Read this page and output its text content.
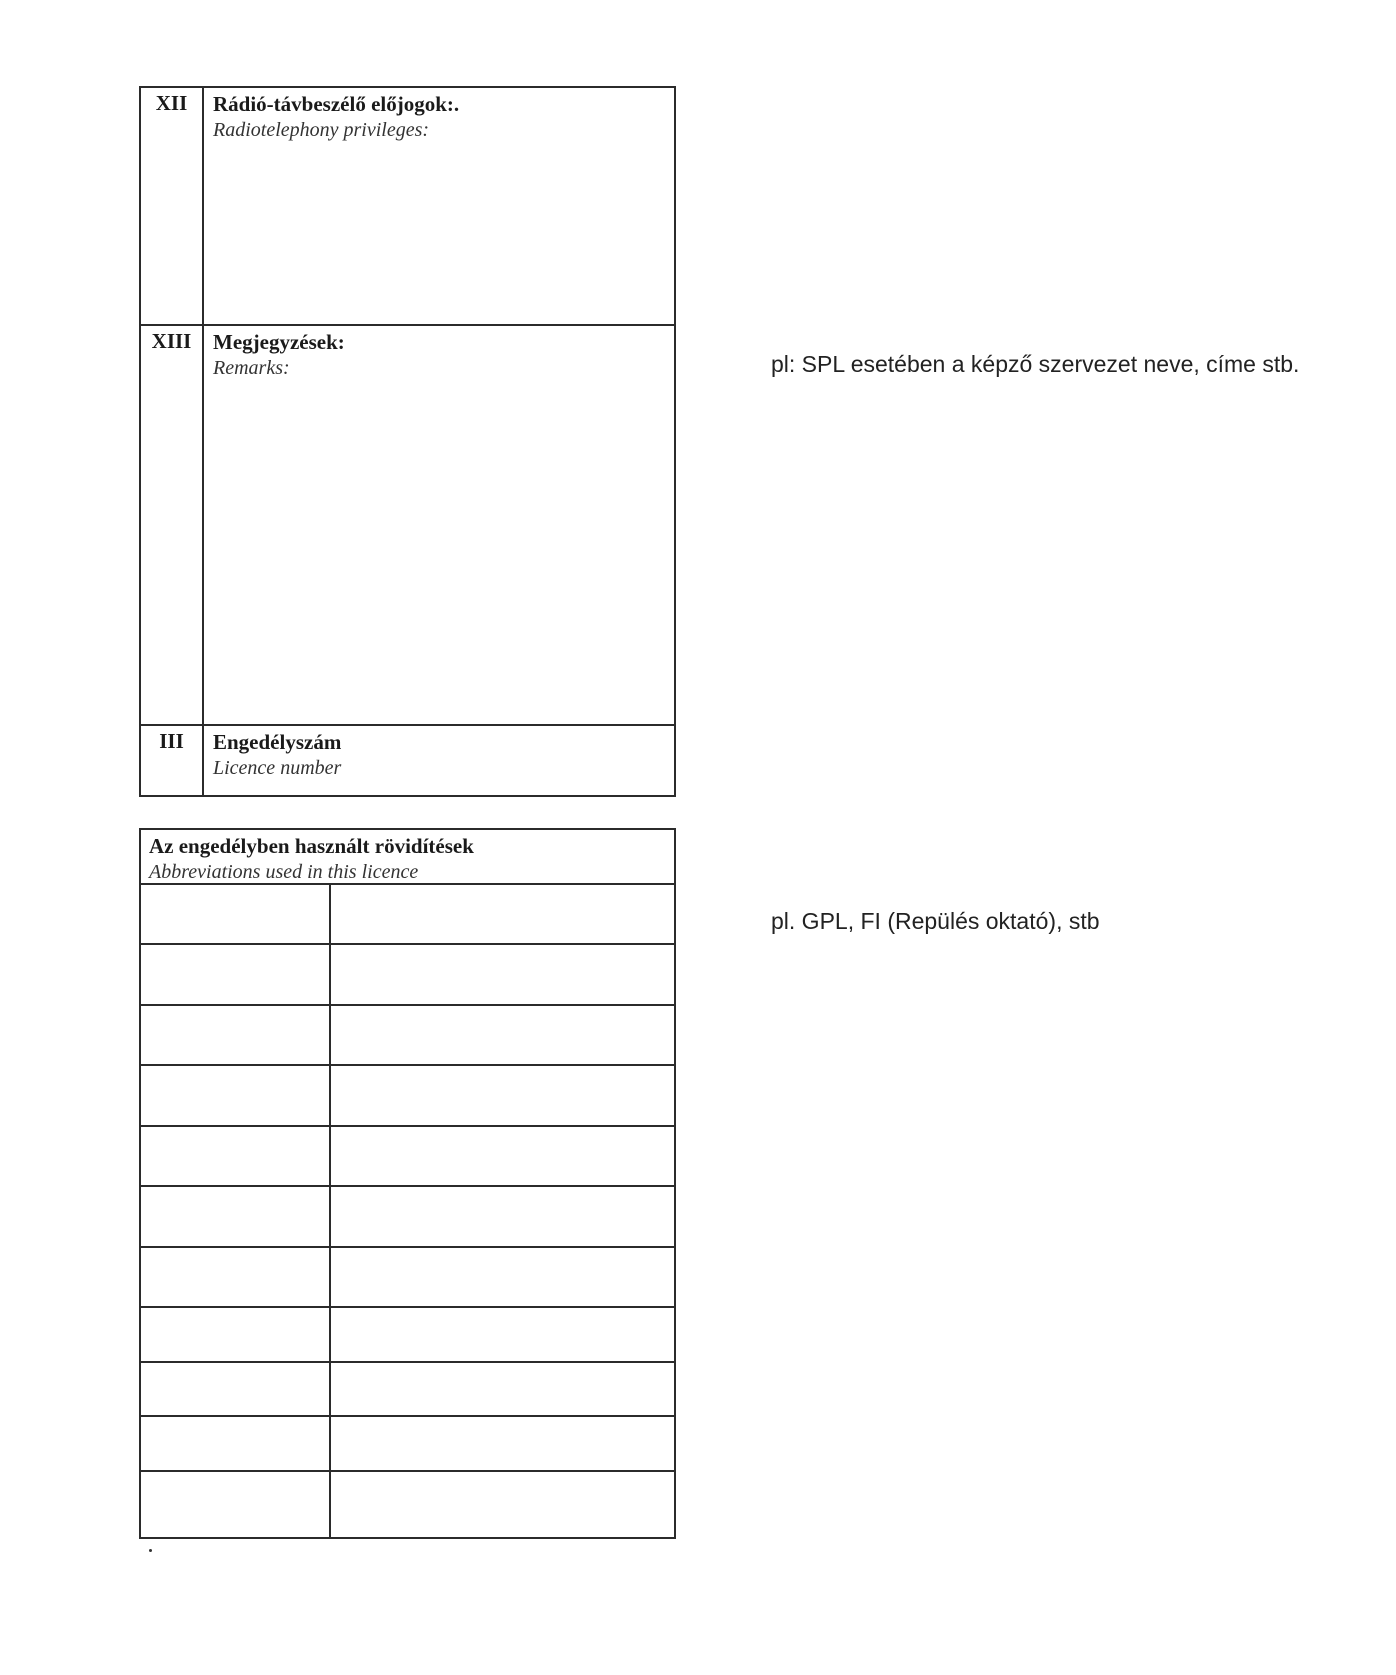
XII	Rádió-távbeszélő előjogok:.
Radiotelephony privileges:
XIII	Megjegyzések:
Remarks:
III	Engedélyszám
Licence number
Az engedélyben használt rövidítések
Abbreviations used in this licence
pl: SPL esetében a képző szervezet neve, címe stb.
pl. GPL, FI (Repülés oktató), stb
